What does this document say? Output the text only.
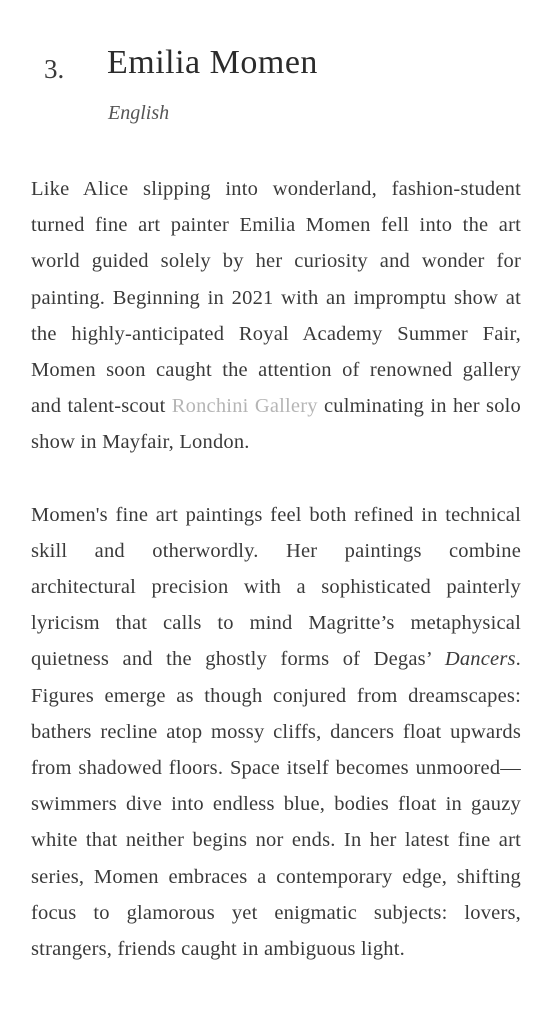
3. Emilia Momen
English

Like Alice slipping into wonderland, fashion-student turned fine art painter Emilia Momen fell into the art world guided solely by her curiosity and wonder for painting. Beginning in 2021 with an impromptu show at the highly-anticipated Royal Academy Summer Fair, Momen soon caught the attention of renowned gallery and talent-scout Ronchini Gallery culminating in her solo show in Mayfair, London.

Momen's fine art paintings feel both refined in technical skill and otherwordly. Her paintings combine architectural precision with a sophisticated painterly lyricism that calls to mind Magritte’s metaphysical quietness and the ghostly forms of Degas’ Dancers. Figures emerge as though conjured from dreamscapes: bathers recline atop mossy cliffs, dancers float upwards from shadowed floors. Space itself becomes unmoored—swimmers dive into endless blue, bodies float in gauzy white that neither begins nor ends. In her latest fine art series, Momen embraces a contemporary edge, shifting focus to glamorous yet enigmatic subjects: lovers, strangers, friends caught in ambiguous light.
